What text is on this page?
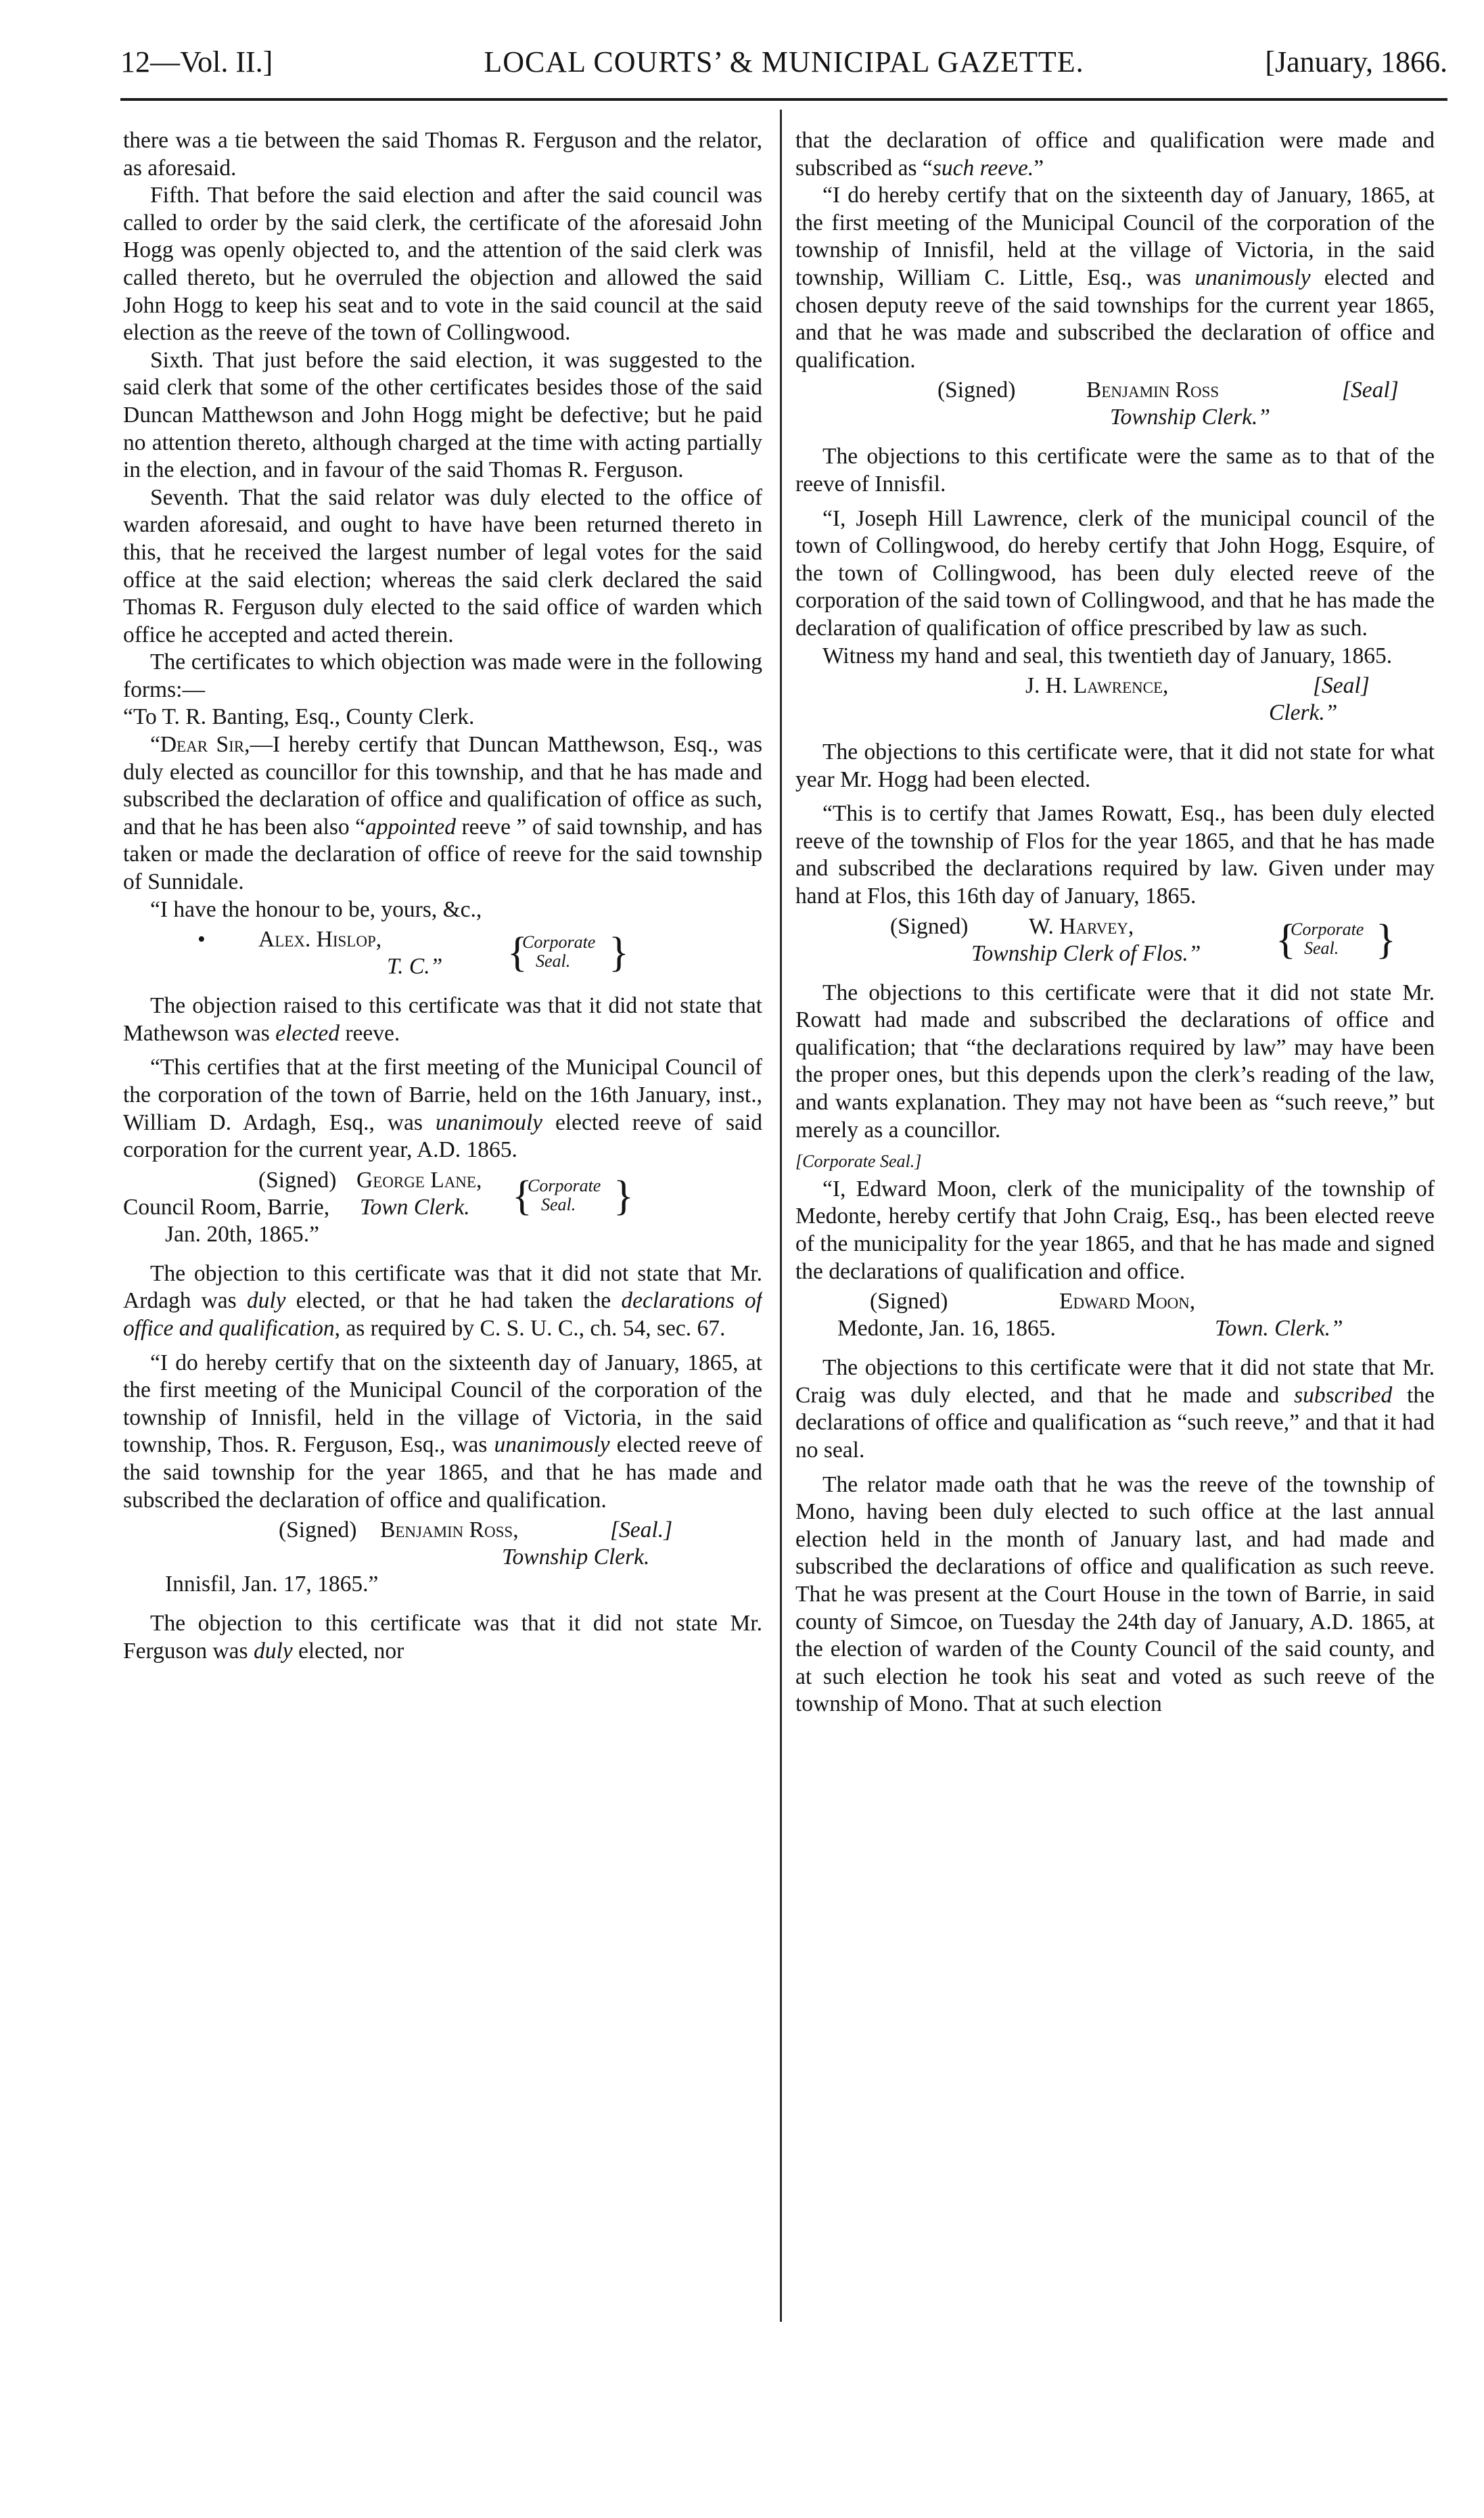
12—Vol. II.]	LOCAL COURTS’ & MUNICIPAL GAZETTE.	[January, 1866.

there was a tie between the said Thomas R. Ferguson and the relator, as aforesaid.

Fifth. That before the said election and after the said council was called to order by the said clerk, the certificate of the aforesaid John Hogg was openly objected to, and the attention of the said clerk was called thereto, but he overruled the objection and allowed the said John Hogg to keep his seat and to vote in the said council at the said election as the reeve of the town of Collingwood.

Sixth. That just before the said election, it was suggested to the said clerk that some of the other certificates besides those of the said Duncan Matthewson and John Hogg might be defective; but he paid no attention thereto, although charged at the time with acting partially in the election, and in favour of the said Thomas R. Ferguson.

Seventh. That the said relator was duly elected to the office of warden aforesaid, and ought to have have been returned thereto in this, that he received the largest number of legal votes for the said office at the said election; whereas the said clerk declared the said Thomas R. Ferguson duly elected to the said office of warden which office he accepted and acted therein.

The certificates to which objection was made were in the following forms:—

“To T. R. Banting, Esq., County Clerk.

“Dear Sir,—I hereby certify that Duncan Matthewson, Esq., was duly elected as councillor for this township, and that he has made and subscribed the declaration of office and qualification of office as such, and that he has been also “appointed reeve ” of said township, and has taken or made the declaration of office of reeve for the said township of Sunnidale.

“I have the honour to be, yours, &c.,

• Alex. Hislop,
T. C.” {
Corporate
Seal. }

The objection raised to this certificate was that it did not state that Mathewson was elected reeve.

“This certifies that at the first meeting of the Municipal Council of the corporation of the town of Barrie, held on the 16th January, inst., William D. Ardagh, Esq., was unanimouly elected reeve of said corporation for the current year, A.D. 1865.

(Signed) George Lane,
Council Room, Barrie, Town Clerk.
Jan. 20th, 1865.”
{
Corporate
Seal. }

The objection to this certificate was that it did not state that Mr. Ardagh was duly elected, or that he had taken the declarations of office and qualification, as required by C. S. U. C., ch. 54, sec. 67.

“I do hereby certify that on the sixteenth day of January, 1865, at the first meeting of the Municipal Council of the corporation of the township of Innisfil, held in the village of Victoria, in the said township, Thos. R. Ferguson, Esq., was unanimously elected reeve of the said township for the year 1865, and that he has made and subscribed the declaration of office and qualification.

(Signed) Benjamin Ross,	[Seal.]
Township Clerk.
Innisfil, Jan. 17, 1865.”

The objection to this certificate was that it did not state Mr. Ferguson was duly elected, nor

that the declaration of office and qualification were made and subscribed as “such reeve.”

“I do hereby certify that on the sixteenth day of January, 1865, at the first meeting of the Municipal Council of the corporation of the township of Innisfil, held at the village of Victoria, in the said township, William C. Little, Esq., was unanimously elected and chosen deputy reeve of the said townships for the current year 1865, and that he was made and subscribed the declaration of office and qualification.

(Signed)	Benjamin Ross	[Seal]
Township Clerk.”

The objections to this certificate were the same as to that of the reeve of Innisfil.

“I, Joseph Hill Lawrence, clerk of the municipal council of the town of Collingwood, do hereby certify that John Hogg, Esquire, of the town of Collingwood, has been duly elected reeve of the corporation of the said town of Collingwood, and that he has made the declaration of qualification of office prescribed by law as such.

Witness my hand and seal, this twentieth day of January, 1865.

J. H. Lawrence,	[Seal]
Clerk.”

The objections to this certificate were, that it did not state for what year Mr. Hogg had been elected.

“This is to certify that James Rowatt, Esq., has been duly elected reeve of the township of Flos for the year 1865, and that he has made and subscribed the declarations required by law. Given under may hand at Flos, this 16th day of January, 1865.

(Signed)	W. Harvey,
Township Clerk of Flos.” {
Corporate
Seal. }

The objections to this certificate were that it did not state Mr. Rowatt had made and subscribed the declarations of office and qualification; that “the declarations required by law” may have been the proper ones, but this depends upon the clerk’s reading of the law, and wants explanation. They may not have been as “such reeve,” but merely as a councillor.

[Corporate Seal.]

“I, Edward Moon, clerk of the municipality of the township of Medonte, hereby certify that John Craig, Esq., has been elected reeve of the municipality for the year 1865, and that he has made and signed the declarations of qualification and office.

(Signed)	Edward Moon,
Medonte, Jan. 16, 1865.	Town. Clerk.”

The objections to this certificate were that it did not state that Mr. Craig was duly elected, and that he made and subscribed the declarations of office and qualification as “such reeve,” and that it had no seal.

The relator made oath that he was the reeve of the township of Mono, having been duly elected to such office at the last annual election held in the month of January last, and had made and subscribed the declarations of office and qualification as such reeve. That he was present at the Court House in the town of Barrie, in said county of Simcoe, on Tuesday the 24th day of January, A.D. 1865, at the election of warden of the County Council of the said county, and at such election he took his seat and voted as such reeve of the township of Mono. That at such election
